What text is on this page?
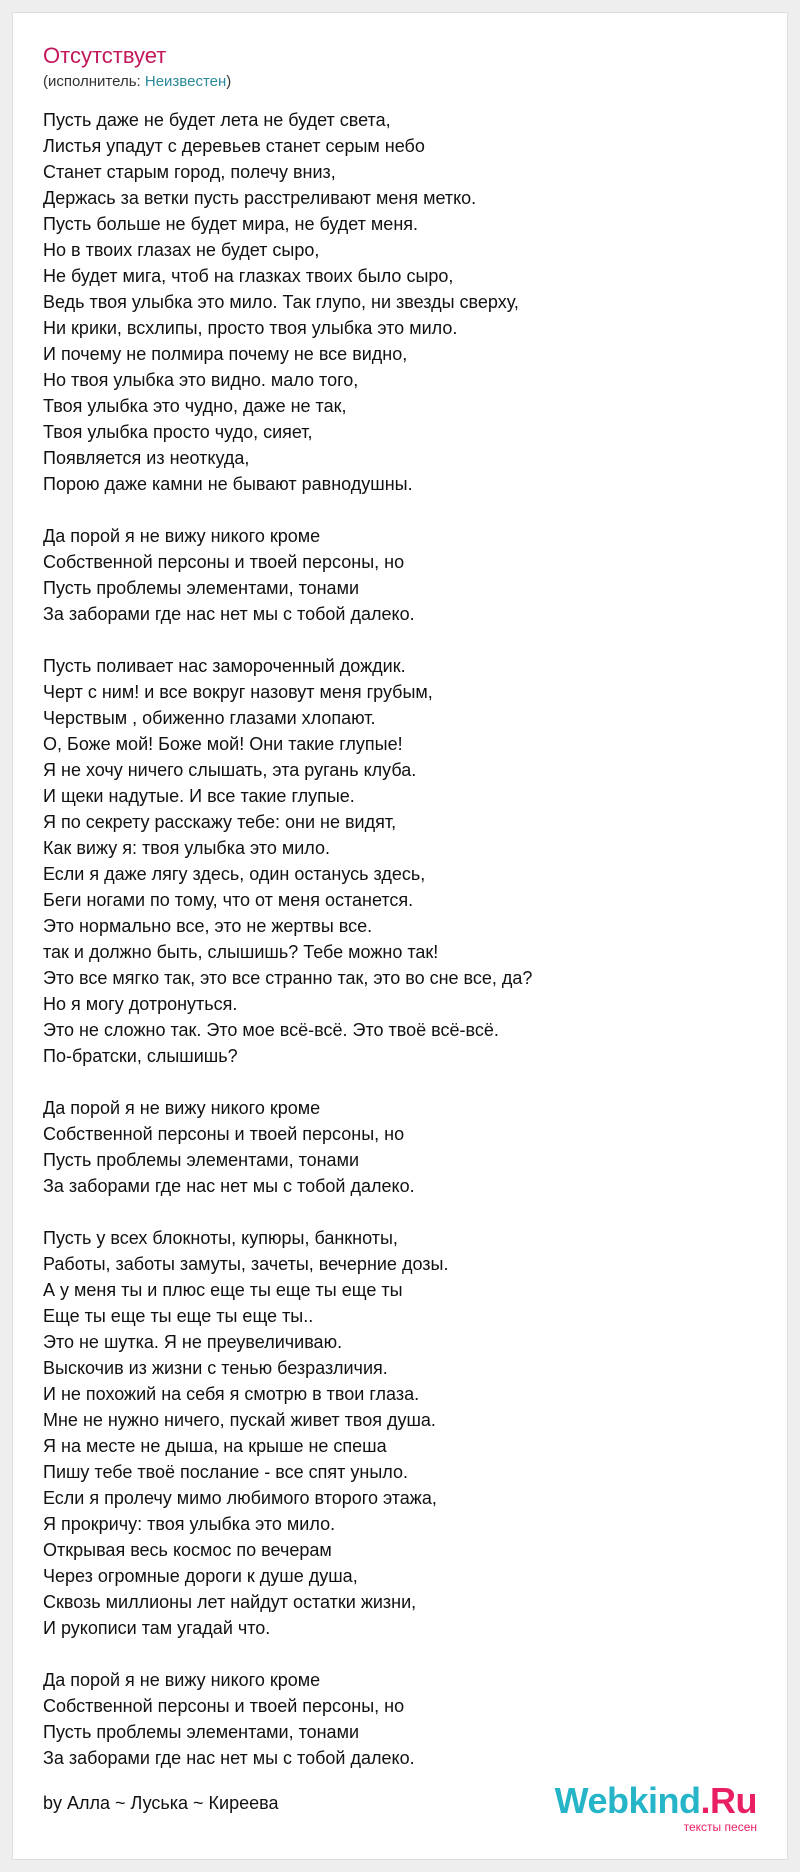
Отсутствует
(исполнитель: Неизвестен)
Пусть даже не будет лета не будет света,
Листья упадут с деревьев станет серым небо
Станет старым город, полечу вниз,
Держась за ветки пусть расстреливают меня метко.
Пусть больше не будет мира, не будет меня.
Но в твоих глазах не будет сыро,
Не будет мига, чтоб на глазках твоих было сыро,
Ведь твоя улыбка это мило. Так глупо, ни звезды сверху,
Ни крики, всхлипы, просто твоя улыбка это мило.
И почему не полмира почему не все видно,
Но твоя улыбка это видно. мало того,
Твоя улыбка это чудно, даже не так,
Твоя улыбка просто чудо, сияет,
Появляется из неоткуда,
Порою даже камни не бывают равнодушны.
Да порой я не вижу никого кроме
Собственной персоны и твоей персоны, но
Пусть проблемы элементами, тонами
За заборами где нас нет мы с тобой далеко.
Пусть поливает нас замороченный дождик.
Черт с ним! и все вокруг назовут меня грубым,
Черствым , обиженно глазами хлопают.
О, Боже мой! Боже мой! Они такие глупые!
Я не хочу ничего слышать, эта ругань клуба.
И щеки надутые. И все такие глупые.
Я по секрету расскажу тебе: они не видят,
Как вижу я: твоя улыбка это мило.
Если я даже лягу здесь, один останусь здесь,
Беги ногами по тому, что от меня останется.
Это нормально все, это не жертвы все.
так и должно быть, слышишь? Тебе можно так!
Это все мягко так, это все странно так, это во сне все, да?
Но я могу дотронуться.
Это не сложно так. Это мое всё-всё. Это твоё всё-всё.
По-братски, слышишь?
Да порой я не вижу никого кроме
Собственной персоны и твоей персоны, но
Пусть проблемы элементами, тонами
За заборами где нас нет мы с тобой далеко.
Пусть у всех блокноты, купюры, банкноты,
Работы, заботы замуты, зачеты, вечерние дозы.
А у меня ты и плюс еще ты еще ты еще ты
Еще ты еще ты еще ты еще ты..
Это не шутка. Я не преувеличиваю.
Выскочив из жизни с тенью безразличия.
И не похожий на себя я смотрю в твои глаза.
Мне не нужно ничего, пускай живет твоя душа.
Я на месте не дыша, на крыше не спеша
Пишу тебе твоё послание - все спят уныло.
Если я пролечу мимо любимого второго этажа,
Я прокричу: твоя улыбка это мило.
Открывая весь космос по вечерам
Через огромные дороги к душе душа,
Сквозь миллионы лет найдут остатки жизни,
И рукописи там угадай что.
Да порой я не вижу никого кроме
Собственной персоны и твоей персоны, но
Пусть проблемы элементами, тонами
За заборами где нас нет мы с тобой далеко.
by Алла ~ Луська ~ Киреева	Webkind.Ru
тексты песен
